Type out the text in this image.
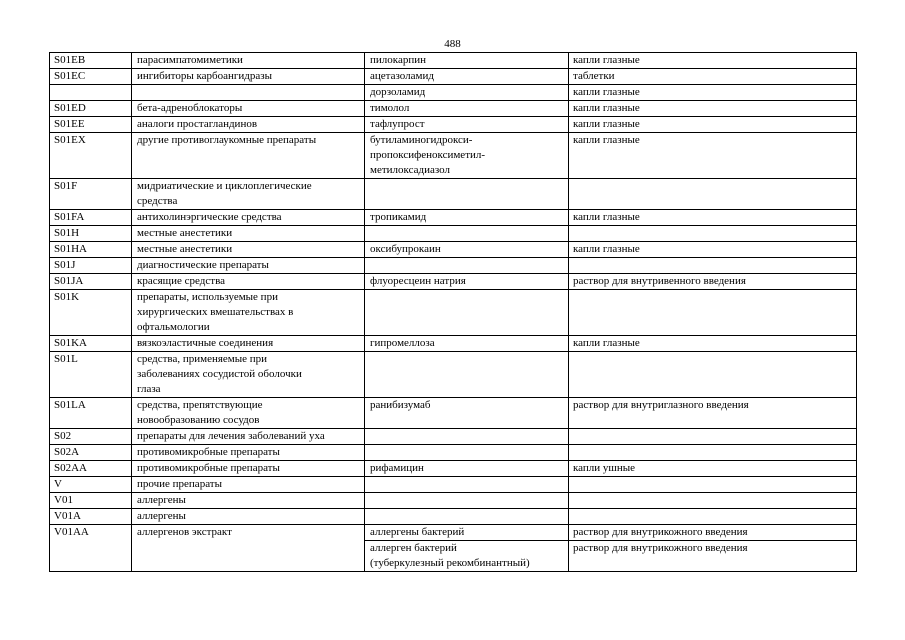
488
S01EB	парасимпатомиметики	пилокарпин	капли глазные
S01EC	ингибиторы карбоангидразы	ацетазоламид	таблетки
		дорзоламид	капли глазные
S01ED	бета-адреноблокаторы	тимолол	капли глазные
S01EE	аналоги простагландинов	тафлупрост	капли глазные
S01EX	другие противоглаукомные препараты	бутиламиногидрокси-
пропоксифеноксиметил-
метилоксадиазол	капли глазные
S01F	мидриатические и циклоплегические
средства		
S01FA	антихолинэргические средства	тропикамид	капли глазные
S01H	местные анестетики		
S01HA	местные анестетики	оксибупрокаин	капли глазные
S01J	диагностические препараты		
S01JA	красящие средства	флуоресцеин натрия	раствор для внутривенного введения
S01K	препараты, используемые при
хирургических вмешательствах в
офтальмологии		
S01KA	вязкоэластичные соединения	гипромеллоза	капли глазные
S01L	средства, применяемые при
заболеваниях сосудистой оболочки
глаза		
S01LA	средства, препятствующие
новообразованию сосудов	ранибизумаб	раствор для внутриглазного введения
S02	препараты для лечения заболеваний уха		
S02A	противомикробные препараты		
S02AA	противомикробные препараты	рифамицин	капли ушные
V	прочие препараты		
V01	аллергены		
V01A	аллергены		
V01AA	аллергенов экстракт	аллергены бактерий	раствор для внутрикожного введения
		аллерген бактерий
(туберкулезный рекомбинантный)	раствор для внутрикожного введения
